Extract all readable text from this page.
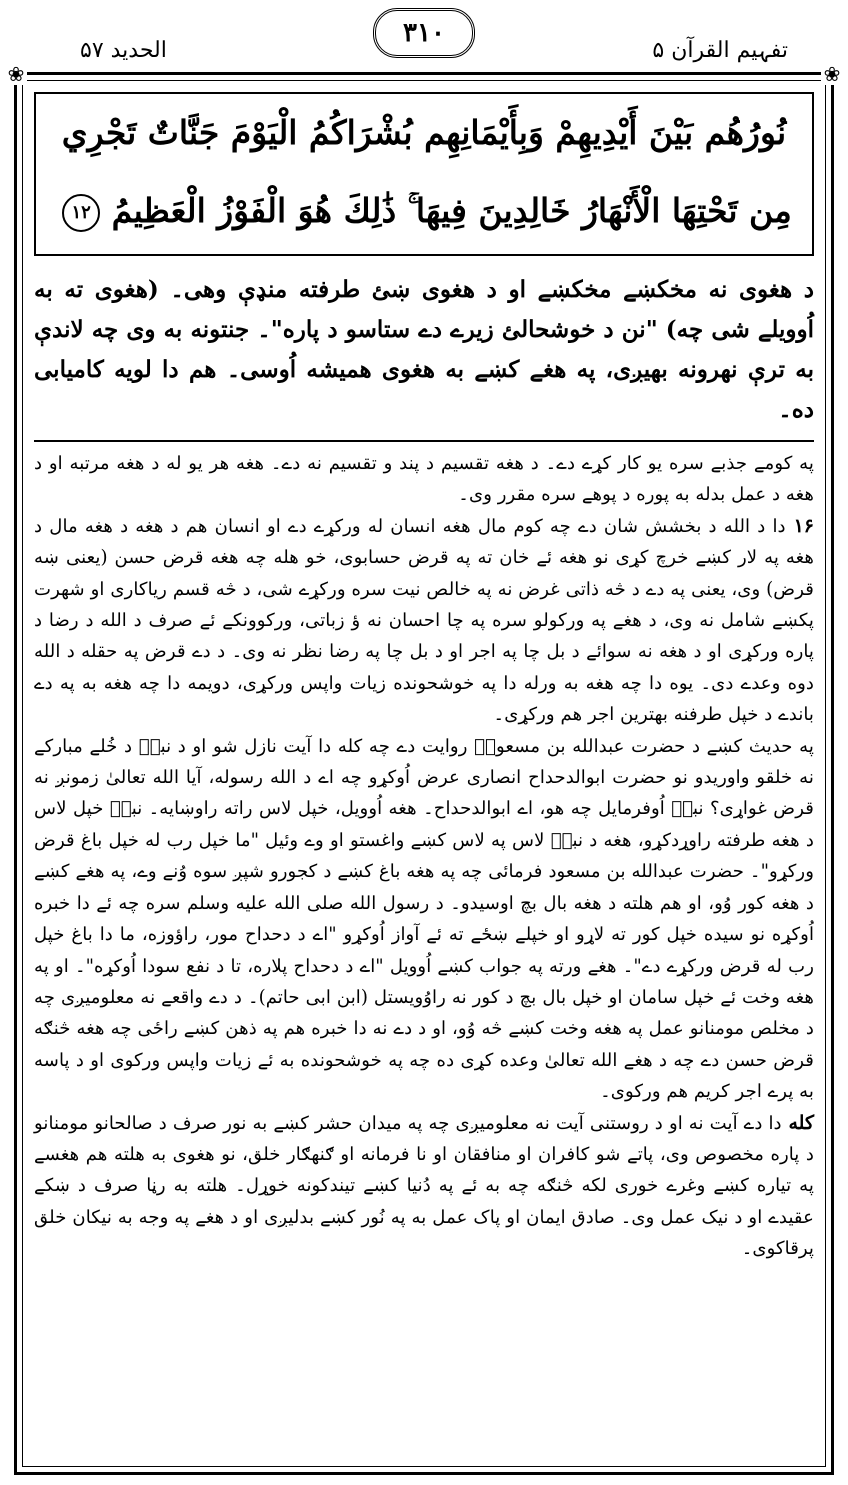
الحدید ۵۷
۳۱۰
تفہیم القرآن ۵
❀	❀
نُورُهُم بَيْنَ أَيْدِيهِمْ وَبِأَيْمَانِهِم بُشْرَاكُمُ الْيَوْمَ جَنَّاتٌ تَجْرِي
مِن تَحْتِهَا الْأَنْهَارُ خَالِدِينَ فِيهَا ۚ ذَٰلِكَ هُوَ الْفَوْزُ الْعَظِيمُ ۱۲
د هغوی نه مخکښے مخکښے او د هغوی ښئ طرفته منډې وهی۔ (هغوی ته به اُوویلے شی چه) "نن د خوشحالئ زیرے دے ستاسو د پاره"۔ جنتونه به وی چه لاندې به ترې نهرونه بهیږی، په هغے کښے به هغوی همیشه اُوسی۔ هم دا لویه کامیابی ده۔

په کومے جذبے سره یو کار کړے دے۔ د هغه تقسیم د پند و تقسیم نه دے۔ هغه هر یو له د هغه مرتبه او د هغه د عمل بدله به پوره د پوهے سره مقرر وی۔

۱۶ دا د الله د بخشش شان دے چه کوم مال هغه انسان له ورکړے دے او انسان هم د هغه د هغه مال د هغه په لار کښے خرچ کړی نو هغه ئے خان ته په قرض حسابوی، خو هله چه هغه قرض حسن (یعنی ښه قرض) وی، یعنی په دے د څه ذاتی غرض نه په خالص نیت سره ورکړے شی، د څه قسم ریاکاری او شهرت پکښے شامل نه وی، د هغے په ورکولو سره په چا احسان نه ؤ زباتی، ورکوونکے ئے صرف د الله د رضا د پاره ورکړی او د هغه نه سوائے د بل چا په اجر او د بل چا په رضا نظر نه وی۔ د دے قرض په حقله د الله دوه وعدے دی۔ یوه دا چه هغه به ورله دا په خوشحونده زیات واپس ورکړی، دویمه دا چه هغه به په دے باندے د خپل طرفنه بهترین اجر هم ورکړی۔

په حدیث کښے د حضرت عبدالله بن مسعودؓ روایت دے چه کله دا آیت نازل شو او د نبیؐ د خُلے مبارکے نه خلقو واوریدو نو حضرت ابوالدحداح انصاری عرض اُوکړو چه اے د الله رسوله، آیا الله تعالیٰ زمونږ نه قرض غواړی؟ نبیؐ اُوفرمایل چه هو، اے ابوالدحداح۔ هغه اُوویل، خپل لاس راته راوښایه۔ نبیؐ خپل لاس د هغه طرفته راوړدکړو، هغه د نبیؐ لاس په لاس کښے واغستو او وے وئیل "ما خپل رب له خپل باغ قرض ورکړو"۔ حضرت عبدالله بن مسعود فرمائی چه په هغه باغ کښے د کجورو شپږ سوه وُنے وے، په هغے کښے د هغه کور وُو، او هم هلته د هغه بال بچ اوسیدو۔ د رسول الله صلی الله علیه وسلم سره چه ئے دا خبره اُوکړه نو سیده خپل کور ته لاړو او خپلے ښځے ته ئے آواز اُوکړو "اے د دحداح مور، راؤوزه، ما دا باغ خپل رب له قرض ورکړے دے"۔ هغے ورته په جواب کښے اُوویل "اے د دحداح پلاره، تا د نفع سودا اُوکړه"۔ او په هغه وخت ئے خپل سامان او خپل بال بچ د کور نه راوُویستل (ابن ابی حاتم)۔ د دے واقعے نه معلومیږی چه د مخلص مومنانو عمل په هغه وخت کښے څه وُو، او د دے نه دا خبره هم په ذهن کښے راځی چه هغه څنګه قرض حسن دے چه د هغے الله تعالیٰ وعده کړی ده چه په خوشحونده به ئے زیات واپس ورکوی او د پاسه به پرے اجر کریم هم ورکوی۔

کله دا دے آیت نه او د روستنی آیت نه معلومیږی چه په میدان حشر کښے به نور صرف د صالحانو مومنانو د پاره مخصوص وی، پاتے شو کافران او منافقان او نا فرمانه او ګنهګار خلق، نو هغوی به هلته هم هغسے په تیاره کښے وغرے خوری لکه څنګه چه به ئے په دُنیا کښے تیندکونه خوړل۔ هلته به رڼا صرف د ښکے عقیدے او د نیک عمل وی۔ صادق ایمان او پاک عمل به په نُور کښے بدلیږی او د هغے په وجه به نیکان خلق پرقاکوی۔
